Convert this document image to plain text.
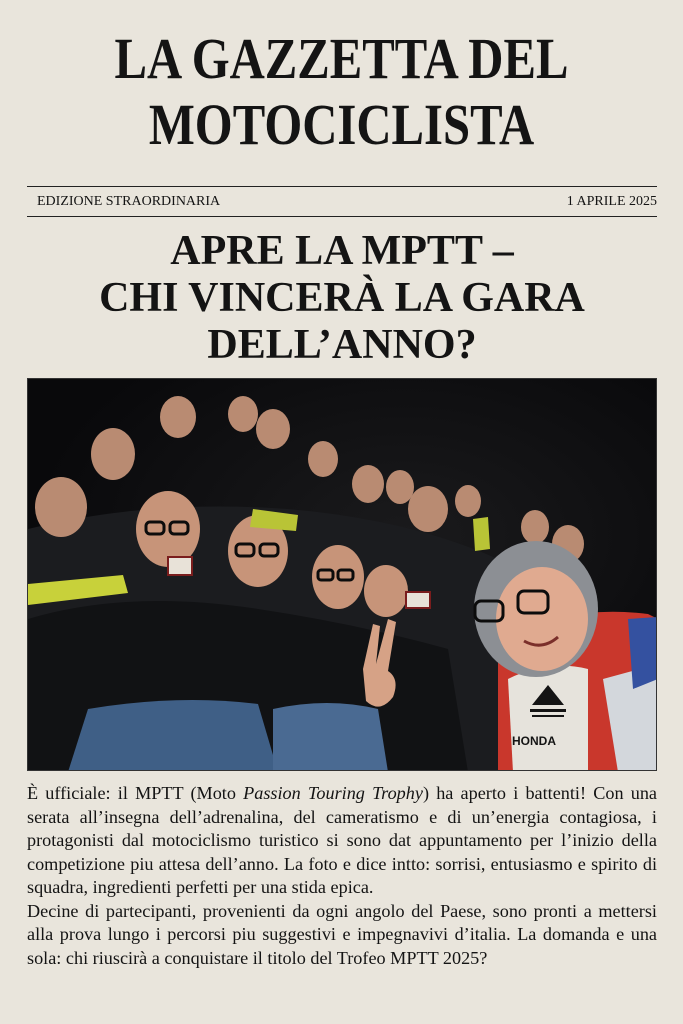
LA GAZZETTA DEL
MOTOCICLISTA
EDIZIONE STRAORDINARIA	1 APRILE 2025
APRE LA MPTT –
CHI VINCERÀ LA GARA
DELL’ANNO?
HONDA

È ufficiale: il MPTT (Moto Passion Touring Trophy) ha aperto i battenti! Con una serata all’insegna dell’adrenalina, del cameratismo e di un’energia contagiosa, i protagonisti dal motociclismo turistico si sono dat appuntamento per l’inizio della competizione piu attesa dell’anno. La foto e dice intto: sorrisi, entusiasmo e spirito di squadra, ingredienti perfetti per una stida epica.

Decine di partecipanti, provenienti da ogni angolo del Paese, sono pronti a mettersi alla prova lungo i percorsi piu suggestivi e impegnavivi d’italia. La domanda e una sola: chi riuscirà a conquistare il titolo del Trofeo MPTT 2025?
